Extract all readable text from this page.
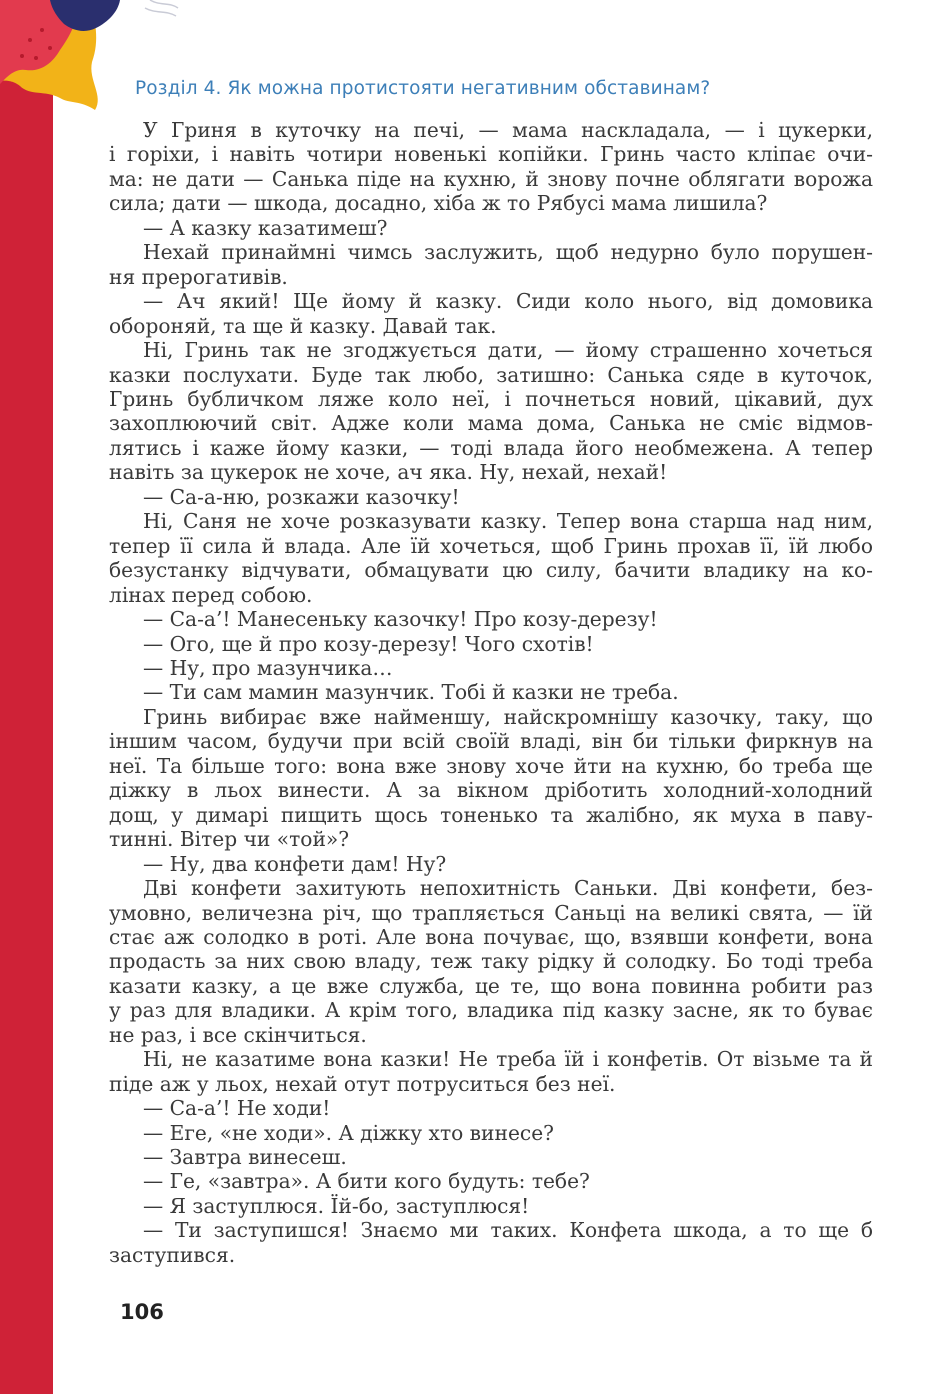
Розділ 4. Як можна протистояти негативним обставинам?
У Гриня в куточку на печі, — мама наскладала, — і цукерки,
і горіхи, і навіть чотири новенькі копійки. Гринь часто кліпає очи-
ма: не дати — Санька піде на кухню, й знову почне облягати ворожа
сила; дати — шкода, досадно, хіба ж то Рябусі мама лишила?
— А казку казатимеш?
Нехай принаймні чимсь заслужить, щоб недурно було порушен-
ня прерогативів.
— Ач який! Ще йому й казку. Сиди коло нього, від домовика
обороняй, та ще й казку. Давай так.
Ні, Гринь так не згоджується дати, — йому страшенно хочеться
казки послухати. Буде так любо, затишно: Санька сяде в куточок,
Гринь бубличком ляже коло неї, і почнеться новий, цікавий, дух
захоплюючий світ. Адже коли мама дома, Санька не сміє відмов-
лятись і каже йому казки, — тоді влада його необмежена. А тепер
навіть за цукерок не хоче, ач яка. Ну, нехай, нехай!
— Са-а-ню, розкажи казочку!
Ні, Саня не хоче розказувати казку. Тепер вона старша над ним,
тепер її сила й влада. Але їй хочеться, щоб Гринь прохав її, їй любо
безустанку відчувати, обмацувати цю силу, бачити владику на ко-
лінах перед собою.
— Са-а’! Манесеньку казочку! Про козу-дерезу!
— Ого, ще й про козу-дерезу! Чого схотів!
— Ну, про мазунчика…
— Ти сам мамин мазунчик. Тобі й казки не треба.
Гринь вибирає вже найменшу, найскромнішу казочку, таку, що
іншим часом, будучи при всій своїй владі, він би тільки фиркнув на
неї. Та більше того: вона вже знову хоче йти на кухню, бо треба ще
діжку в льох винести. А за вікном дріботить холодний-холодний
дощ, у димарі пищить щось тоненько та жалібно, як муха в паву-
тинні. Вітер чи «той»?
— Ну, два конфети дам! Ну?
Дві конфети захитують непохитність Саньки. Дві конфети, без-
умовно, величезна річ, що трапляється Саньці на великі свята, — їй
стає аж солодко в роті. Але вона почуває, що, взявши конфети, вона
продасть за них свою владу, теж таку рідку й солодку. Бо тоді треба
казати казку, а це вже служба, це те, що вона повинна робити раз
у раз для владики. А крім того, владика під казку засне, як то буває
не раз, і все скінчиться.
Ні, не казатиме вона казки! Не треба їй і конфетів. От візьме та й
піде аж у льох, нехай отут потруситься без неї.
— Са-а’! Не ходи!
— Еге, «не ходи». А діжку хто винесе?
— Завтра винесеш.
— Ге, «завтра». А бити кого будуть: тебе?
— Я заступлюся. Їй-бо, заступлюся!
— Ти заступишся! Знаємо ми таких. Конфета шкода, а то ще б
заступився.
106
